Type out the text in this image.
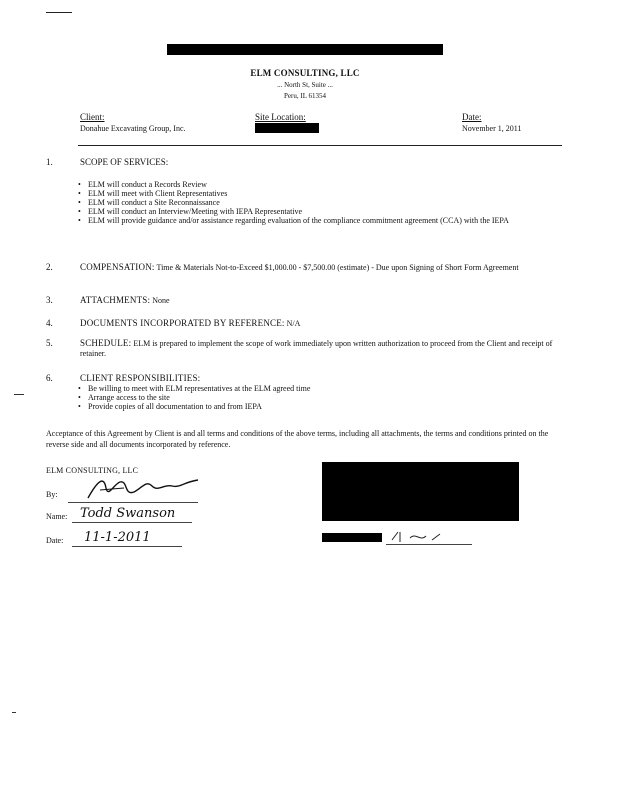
ELM CONSULTING, LLC
... North St, Suite ...
Peru, IL 61354
Client:
Donahue Excavating Group, Inc.
Site Location:	Date:
November 1, 2011
1.	SCOPE OF SERVICES:
• ELM will conduct a Records Review
• ELM will meet with Client Representatives
• ELM will conduct a Site Reconnaissance
• ELM will conduct an Interview/Meeting with IEPA Representative
• ELM will provide guidance and/or assistance regarding evaluation of the compliance commitment agreement (CCA) with the IEPA
2.	COMPENSATION: Time & Materials Not-to-Exceed $1,000.00 - $7,500.00 (estimate) - Due upon Signing of Short Form Agreement
3.	ATTACHMENTS: None
4.	DOCUMENTS INCORPORATED BY REFERENCE: N/A
5.	SCHEDULE: ELM is prepared to implement the scope of work immediately upon written authorization to proceed from the Client and receipt of retainer.
6.	CLIENT RESPONSIBILITIES:
• Be willing to meet with ELM representatives at the ELM agreed time
• Arrange access to the site
• Provide copies of all documentation to and from IEPA
Acceptance of this Agreement by Client is and all terms and conditions of the above terms, including all attachments, the terms and conditions printed on the reverse side and all documents incorporated by reference.
ELM CONSULTING, LLC
By:
Name: Todd Swanson
Date: 11-1-2011
